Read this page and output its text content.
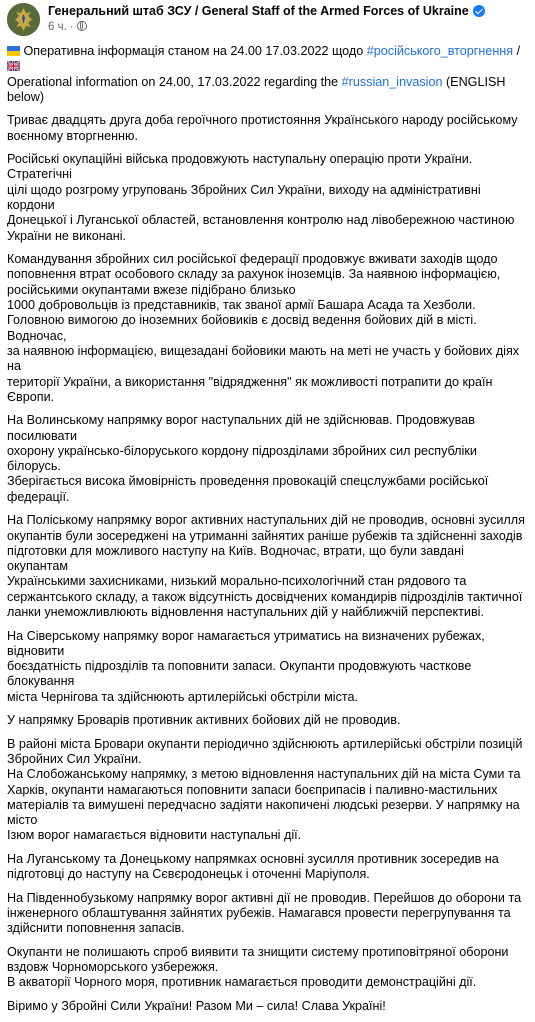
Генеральний штаб ЗСУ / General Staff of the Armed Forces of Ukraine
6 ч. ·

Оперативна інформація станом на 24.00 17.03.2022 щодо #російського_вторгнення /
Operational information on 24.00, 17.03.2022 regarding the #russian_invasion (ENGLISH below)

Триває двадцять друга доба героїчного протистояння Українського народу російському
воєнному вторгненню.

Російські окупаційні війська продовжують наступальну операцію проти України. Стратегічні
цілі щодо розгрому угруповань Збройних Сил України, виходу на адміністративні кордони
Донецької і Луганської областей, встановлення контролю над лівобережною частиною
України не виконані.

Командування збройних сил російської федерації продовжує вживати заходів щодо
поповнення втрат особового складу за рахунок іноземців. За наявною інформацією,
російськими окупантами вжезе підібрано близько
1000 добровольців із представників, так званої армії Башара Асада та Хезболи.
Головною вимогою до іноземних бойовиків є досвід ведення бойових дій в місті. Водночас,
за наявною інформацією, вищезадані бойовики мають на меті не участь у бойових діях на
території України, а використання "відрядження" як можливості потрапити до країн Європи.

На Волинському напрямку ворог наступальних дій не здійснював. Продовжував посилювати
охорону українсько-білоруського кордону підрозділами збройних сил республіки білорусь.
Зберігається висока ймовірність проведення провокацій спецслужбами російської
федерації.

На Поліському напрямку ворог активних наступальних дій не проводив, основні зусилля
окупантів були зосереджені на утриманні зайнятих раніше рубежів та здійсненні заходів
підготовки для можливого наступу на Київ. Водночас, втрати, що були завдані окупантам
Українськими захисниками, низький морально-психологічний стан рядового та
сержантського складу, а також відсутність досвідчених командирів підрозділів тактичної
ланки унеможливлюють відновлення наступальних дій у найближчій перспективі.

На Сіверському напрямку ворог намагається утриматись на визначених рубежах, відновити
боєздатність підрозділів та поповнити запаси. Окупанти продовжують часткове блокування
міста Чернігова та здійснюють артилерійські обстріли міста.

У напрямку Броварів противник активних бойових дій не проводив.

В районі міста Бровари окупанти періодично здійснюють артилерійські обстріли позицій
Збройних Сил України.
На Слобожанському напрямку, з метою відновлення наступальних дій на міста Суми та
Харків, окупанти намагаються поповнити запаси боєприпасів і паливно-мастильних
матеріалів та вимушені передчасно задіяти накопичені людські резерви. У напрямку на місто
Ізюм ворог намагається відновити наступальні дії.

На Луганському та Донецькому напрямках основні зусилля противник зосередив на
підготовці до наступу на Сєвєродонецьк і оточенні Маріуполя.

На Південнобузькому напрямку ворог активні дії не проводив. Перейшов до оборони та
інженерного облаштування зайнятих рубежів. Намагався провести перегрупування та
здійснити поповнення запасів.

Окупанти не полишають спроб виявити та знищити систему протиповітряної оборони
вздовж Чорноморського узбережжя.
В акваторії Чорного моря, противник намагається проводити демонстраційні дії.

Віримо у Збройні Сили України! Разом Ми – сила! Слава Україні!
